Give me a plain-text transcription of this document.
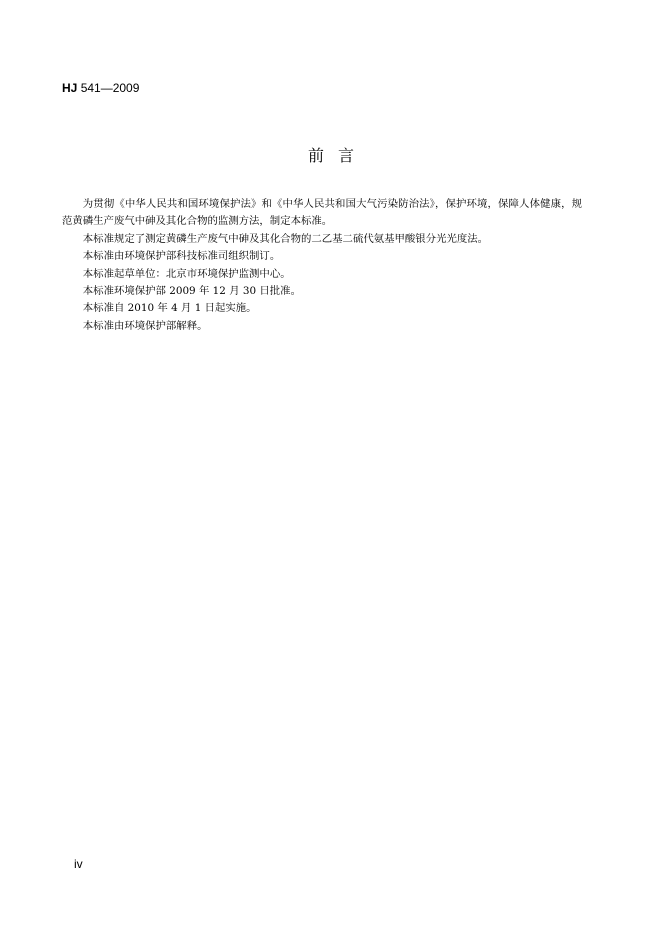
HJ 541—2009
前言

为贯彻《中华人民共和国环境保护法》和《中华人民共和国大气污染防治法》，保护环境，保障人体健康，规范黄磷生产废气中砷及其化合物的监测方法，制定本标准。

本标准规定了测定黄磷生产废气中砷及其化合物的二乙基二硫代氨基甲酸银分光光度法。

本标准由环境保护部科技标准司组织制订。

本标准起草单位：北京市环境保护监测中心。

本标准环境保护部 2009 年 12 月 30 日批准。

本标准自 2010 年 4 月 1 日起实施。

本标准由环境保护部解释。

iv
